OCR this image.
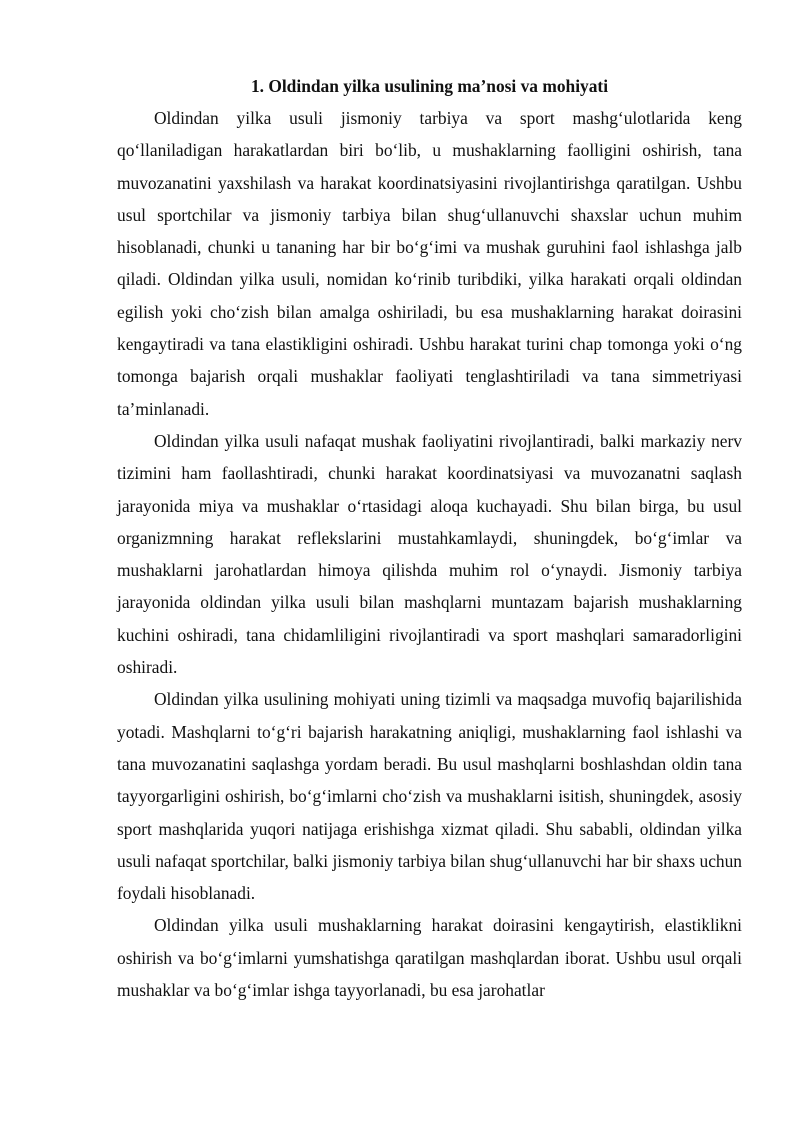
1. Oldindan yilka usulining ma’nosi va mohiyati

Oldindan yilka usuli jismoniy tarbiya va sport mashg‘ulotlarida keng qo‘llaniladigan harakatlardan biri bo‘lib, u mushaklarning faolligini oshirish, tana muvozanatini yaxshilash va harakat koordinatsiyasini rivojlantirishga qaratilgan. Ushbu usul sportchilar va jismoniy tarbiya bilan shug‘ullanuvchi shaxslar uchun muhim hisoblanadi, chunki u tananing har bir bo‘g‘imi va mushak guruhini faol ishlashga jalb qiladi. Oldindan yilka usuli, nomidan ko‘rinib turibdiki, yilka harakati orqali oldindan egilish yoki cho‘zish bilan amalga oshiriladi, bu esa mushaklarning harakat doirasini kengaytiradi va tana elastikligini oshiradi. Ushbu harakat turini chap tomonga yoki o‘ng tomonga bajarish orqali mushaklar faoliyati tenglashtiriladi va tana simmetriyasi ta’minlanadi.

Oldindan yilka usuli nafaqat mushak faoliyatini rivojlantiradi, balki markaziy nerv tizimini ham faollashtiradi, chunki harakat koordinatsiyasi va muvozanatni saqlash jarayonida miya va mushaklar o‘rtasidagi aloqa kuchayadi. Shu bilan birga, bu usul organizmning harakat reflekslarini mustahkamlaydi, shuningdek, bo‘g‘imlar va mushaklarni jarohatlardan himoya qilishda muhim rol o‘ynaydi. Jismoniy tarbiya jarayonida oldindan yilka usuli bilan mashqlarni muntazam bajarish mushaklarning kuchini oshiradi, tana chidamliligini rivojlantiradi va sport mashqlari samaradorligini oshiradi.

Oldindan yilka usulining mohiyati uning tizimli va maqsadga muvofiq bajarilishida yotadi. Mashqlarni to‘g‘ri bajarish harakatning aniqligi, mushaklarning faol ishlashi va tana muvozanatini saqlashga yordam beradi. Bu usul mashqlarni boshlashdan oldin tana tayyorgarligini oshirish, bo‘g‘imlarni cho‘zish va mushaklarni isitish, shuningdek, asosiy sport mashqlarida yuqori natijaga erishishga xizmat qiladi. Shu sababli, oldindan yilka usuli nafaqat sportchilar, balki jismoniy tarbiya bilan shug‘ullanuvchi har bir shaxs uchun foydali hisoblanadi.

Oldindan yilka usuli mushaklarning harakat doirasini kengaytirish, elastiklikni oshirish va bo‘g‘imlarni yumshatishga qaratilgan mashqlardan iborat. Ushbu usul orqali mushaklar va bo‘g‘imlar ishga tayyorlanadi, bu esa jarohatlar
